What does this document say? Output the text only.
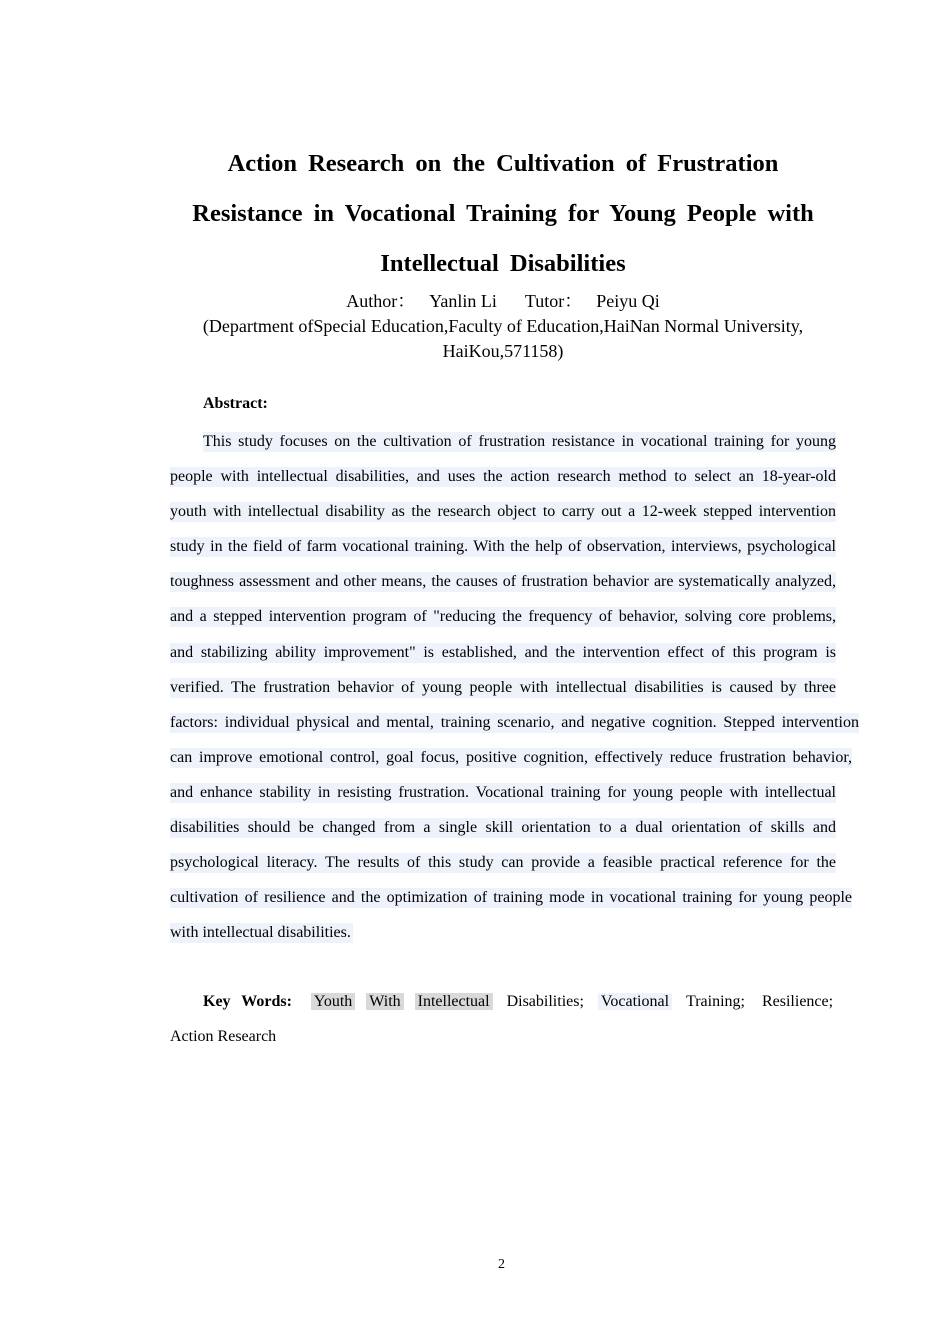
Action Research on the Cultivation of Frustration
Resistance in Vocational Training for Young People with
Intellectual Disabilities
Author： Yanlin Li Tutor： Peiyu Qi
(Department ofSpecial Education,Faculty of Education,HaiNan Normal University,
HaiKou,571158)

Abstract:

This study focuses on the cultivation of frustration resistance in vocational training for young
people with intellectual disabilities, and uses the action research method to select an 18-year-old
youth with intellectual disability as the research object to carry out a 12-week stepped intervention
study in the field of farm vocational training. With the help of observation, interviews, psychological
toughness assessment and other means, the causes of frustration behavior are systematically analyzed,
and a stepped intervention program of "reducing the frequency of behavior, solving core problems,
and stabilizing ability improvement" is established, and the intervention effect of this program is
verified. The frustration behavior of young people with intellectual disabilities is caused by three
factors: individual physical and mental, training scenario, and negative cognition. Stepped intervention
can improve emotional control, goal focus, positive cognition, effectively reduce frustration behavior,
and enhance stability in resisting frustration. Vocational training for young people with intellectual
disabilities should be changed from a single skill orientation to a dual orientation of skills and
psychological literacy. The results of this study can provide a feasible practical reference for the
cultivation of resilience and the optimization of training mode in vocational training for young people
with intellectual disabilities.
Key Words: Youth With Intellectual Disabilities; Vocational Training; Resilience;
Action Research
2
